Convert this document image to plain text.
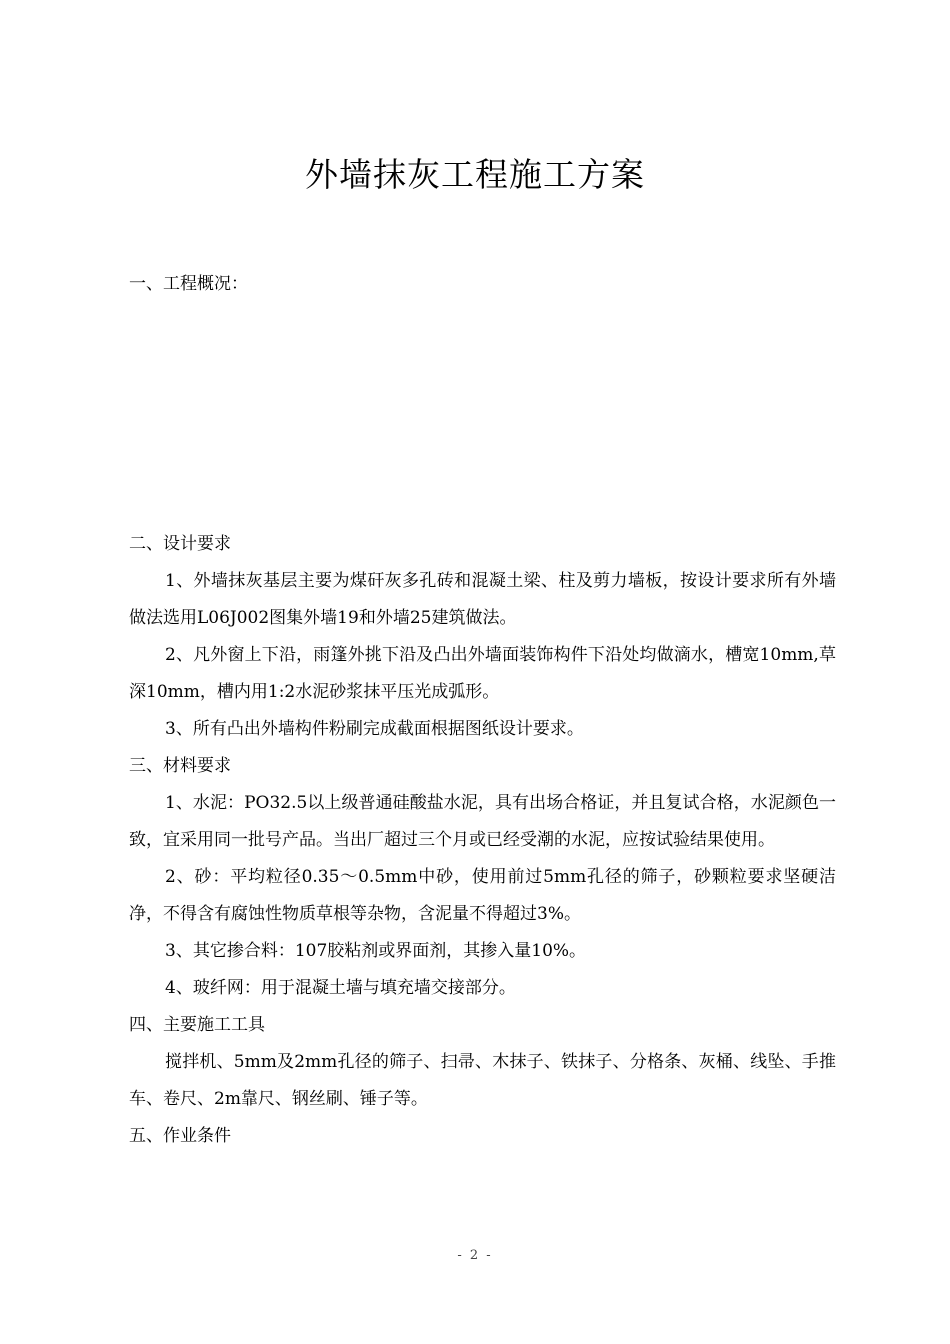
外墙抹灰工程施工方案
一、工程概况：

二、设计要求

1、外墙抹灰基层主要为煤矸灰多孔砖和混凝土梁、柱及剪力墙板，按设计要求所有外墙做法选用L06J002图集外墙19和外墙25建筑做法。

2、凡外窗上下沿，雨篷外挑下沿及凸出外墙面装饰构件下沿处均做滴水，槽宽10mm,草深10mm，槽内用1:2水泥砂浆抹平压光成弧形。

3、所有凸出外墙构件粉刷完成截面根据图纸设计要求。

三、材料要求

1、水泥：PO32.5以上级普通硅酸盐水泥，具有出场合格证，并且复试合格，水泥颜色一致，宜采用同一批号产品。当出厂超过三个月或已经受潮的水泥，应按试验结果使用。

2、砂：平均粒径0.35～0.5mm中砂，使用前过5mm孔径的筛子，砂颗粒要求坚硬洁净，不得含有腐蚀性物质草根等杂物，含泥量不得超过3%。

3、其它掺合料：107胶粘剂或界面剂，其掺入量10%。

4、玻纤网：用于混凝土墙与填充墙交接部分。

四、主要施工工具

搅拌机、5mm及2mm孔径的筛子、扫帚、木抹子、铁抹子、分格条、灰桶、线坠、手推车、卷尺、2m靠尺、钢丝刷、锤子等。

五、作业条件

- 2 -
